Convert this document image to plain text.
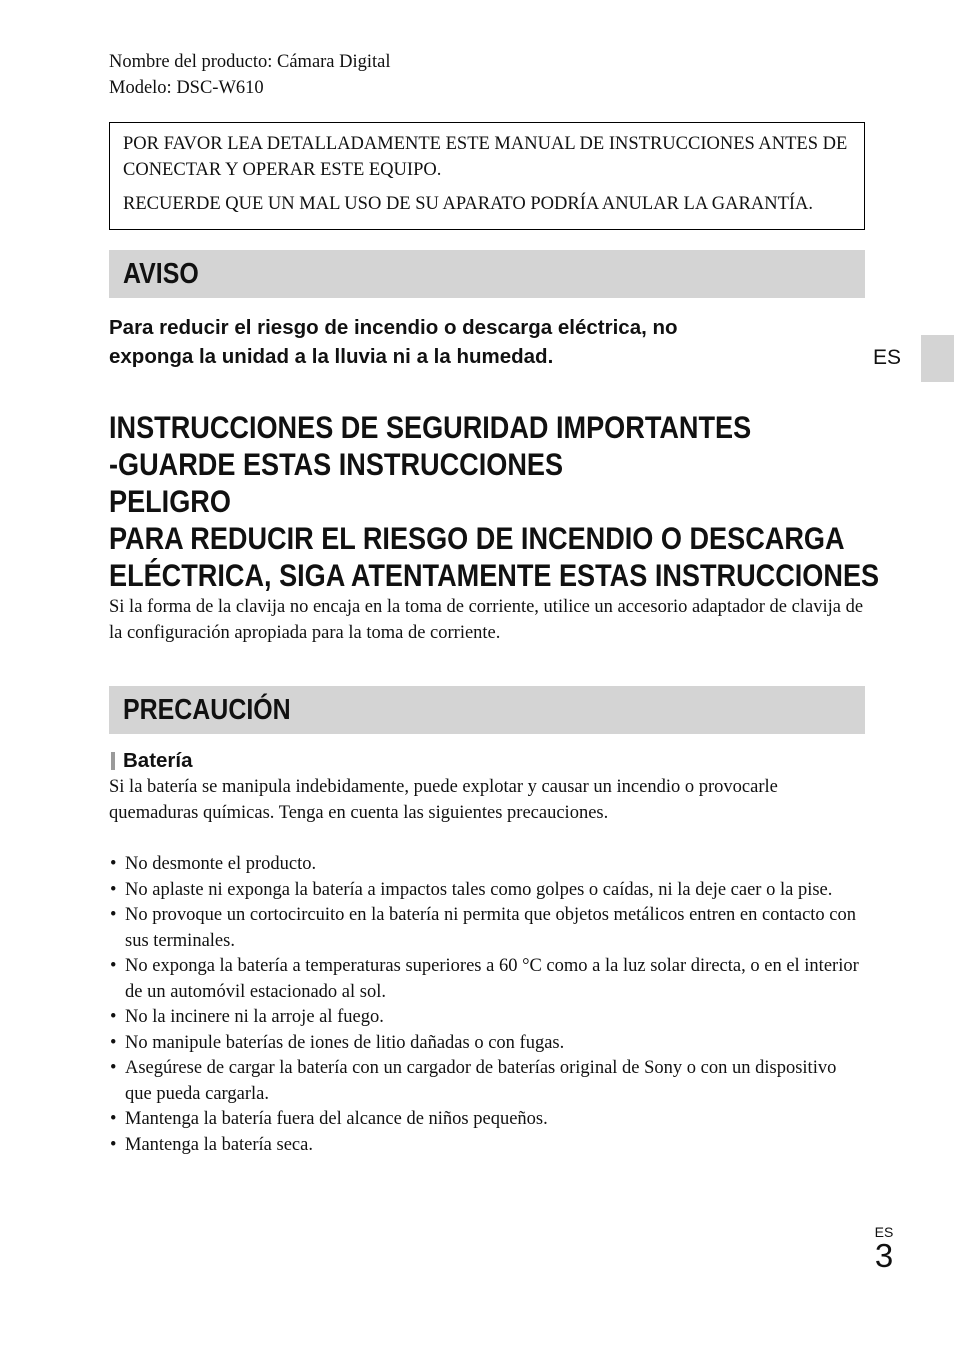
ES
Nombre del producto: Cámara Digital
Modelo: DSC-W610

POR FAVOR LEA DETALLADAMENTE ESTE MANUAL DE INSTRUCCIONES ANTES DE CONECTAR Y OPERAR ESTE EQUIPO.

RECUERDE QUE UN MAL USO DE SU APARATO PODRÍA ANULAR LA GARANTÍA.

AVISO
Para reducir el riesgo de incendio o descarga eléctrica, no
exponga la unidad a la lluvia ni a la humedad.
INSTRUCCIONES DE SEGURIDAD IMPORTANTES
-GUARDE ESTAS INSTRUCCIONES
PELIGRO
PARA REDUCIR EL RIESGO DE INCENDIO O DESCARGA
ELÉCTRICA, SIGA ATENTAMENTE ESTAS INSTRUCCIONES

Si la forma de la clavija no encaja en la toma de corriente, utilice un accesorio adaptador de clavija de la configuración apropiada para la toma de corriente.

PRECAUCIÓN
Batería

Si la batería se manipula indebidamente, puede explotar y causar un incendio o provocarle quemaduras químicas. Tenga en cuenta las siguientes precauciones.

• No desmonte el producto.
• No aplaste ni exponga la batería a impactos tales como golpes o caídas, ni la deje caer o la pise.
• No provoque un cortocircuito en la batería ni permita que objetos metálicos entren en contacto con sus terminales.
• No exponga la batería a temperaturas superiores a 60 °C como a la luz solar directa, o en el interior de un automóvil estacionado al sol.
• No la incinere ni la arroje al fuego.
• No manipule baterías de iones de litio dañadas o con fugas.
• Asegúrese de cargar la batería con un cargador de baterías original de Sony o con un dispositivo que pueda cargarla.
• Mantenga la batería fuera del alcance de niños pequeños.
• Mantenga la batería seca.
ES
3
